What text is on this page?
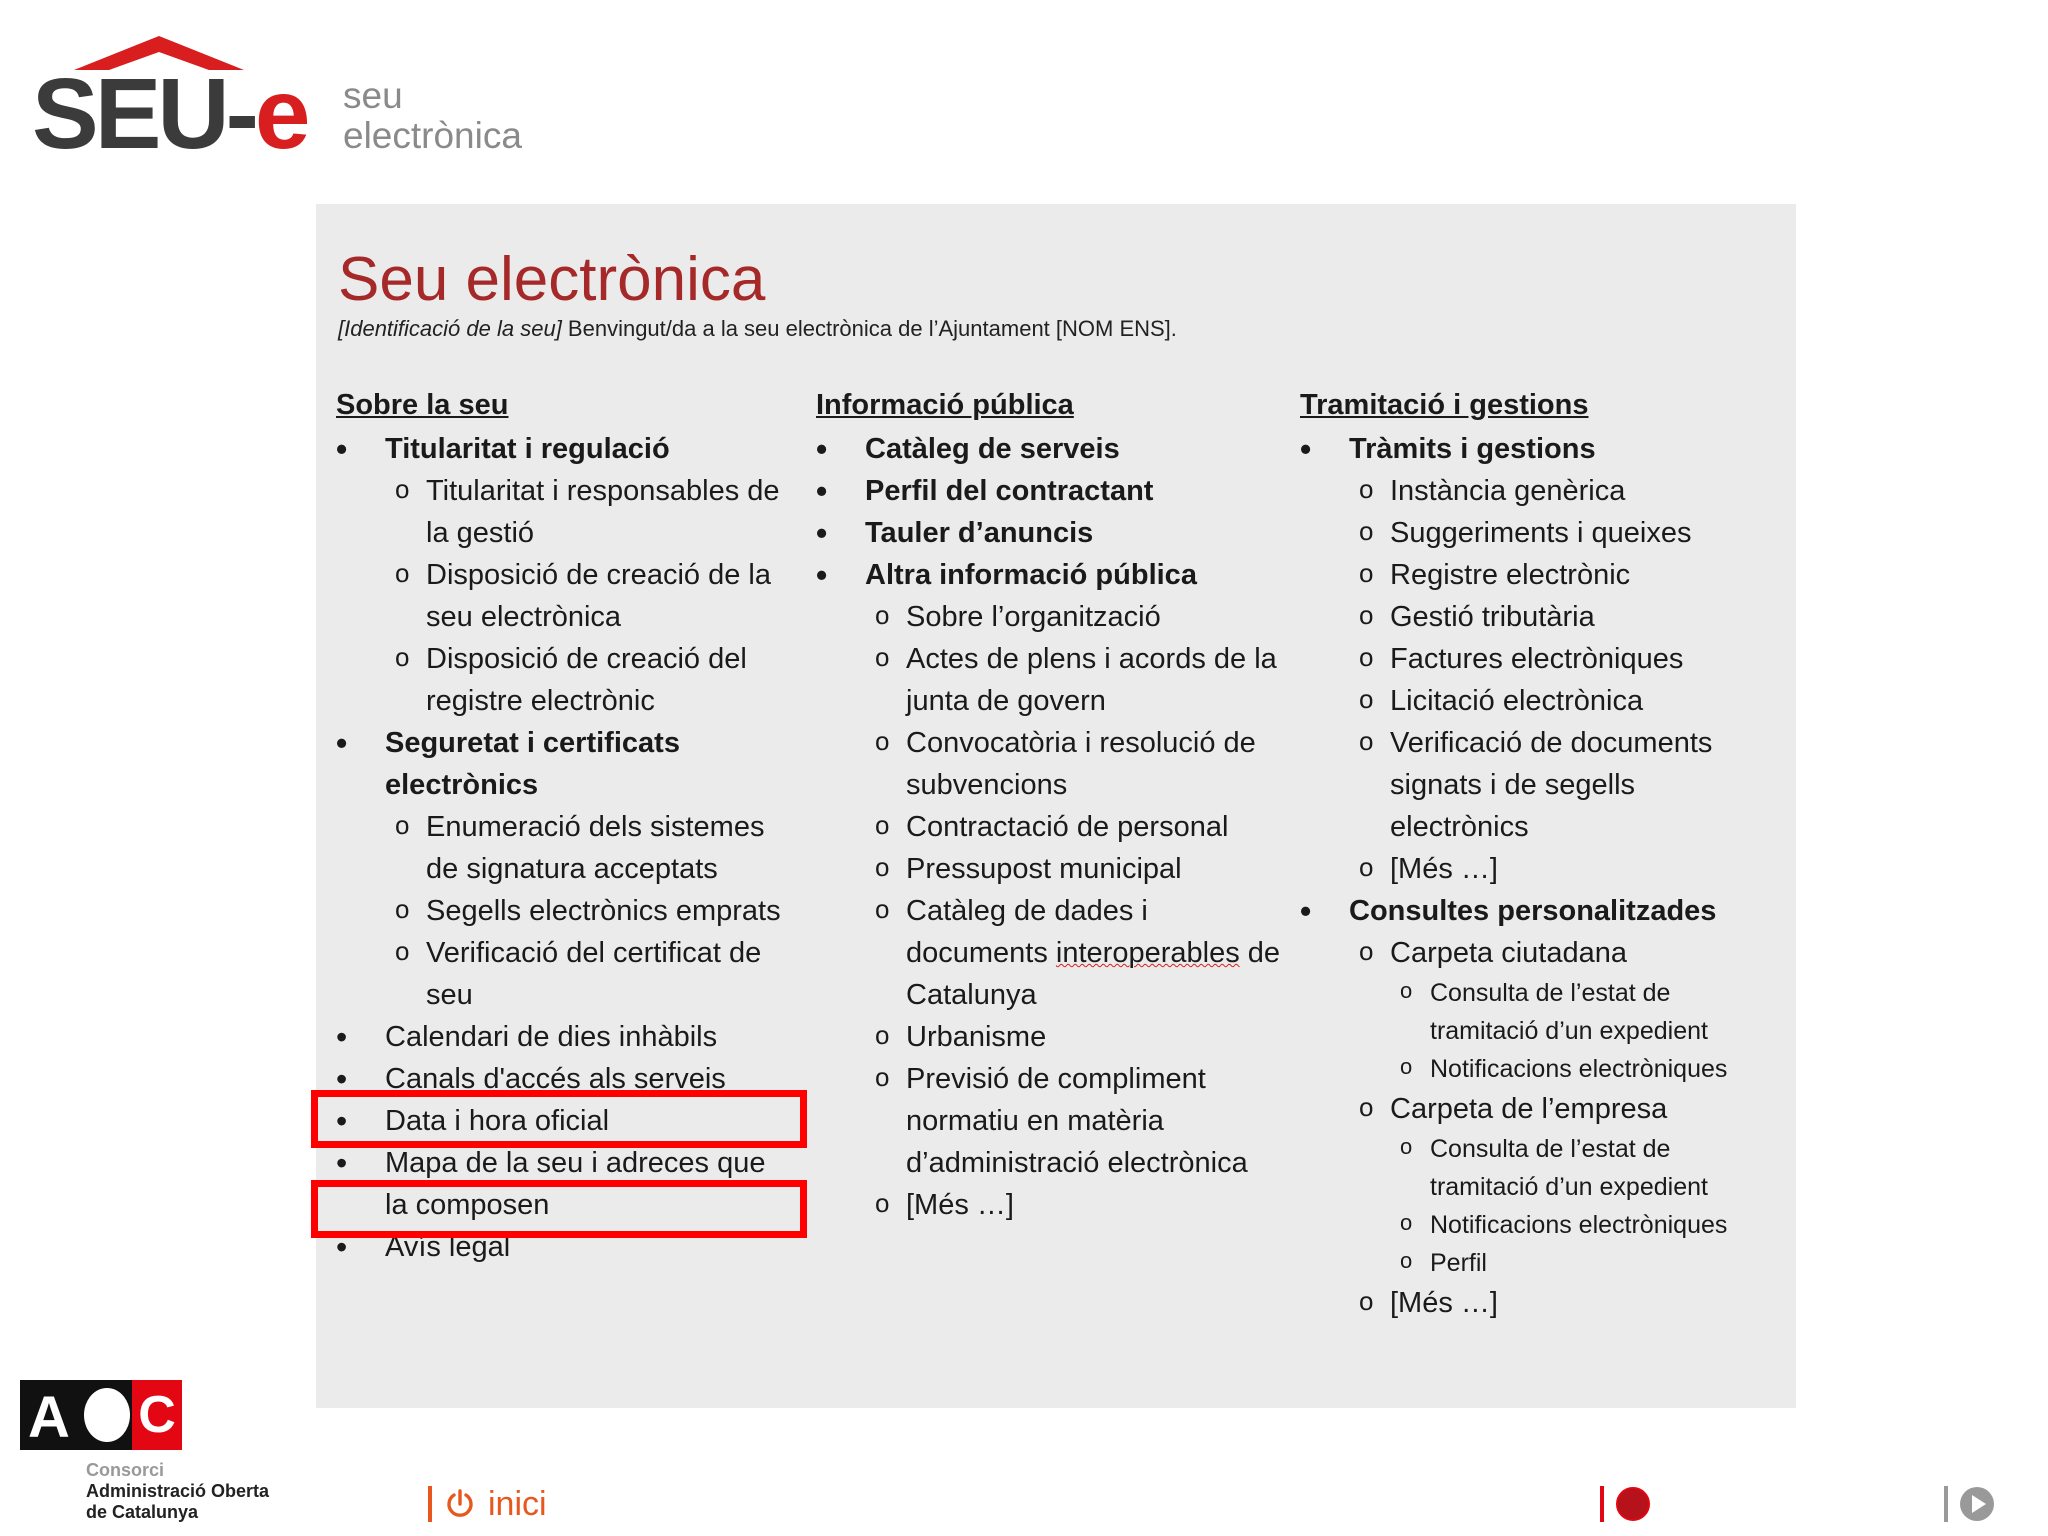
SEU-e seu
electrònica
Seu electrònica
[Identificació de la seu] Benvingut/da a la seu electrònica de l’Ajuntament [NOM ENS].
Sobre la seu
• Titularitat i regulació
o Titularitat i responsables de la gestió
o Disposició de creació de la seu electrònica
o Disposició de creació del registre electrònic
• Seguretat i certificats electrònics
o Enumeració dels sistemes de signatura acceptats
o Segells electrònics emprats
o Verificació del certificat de seu
• Calendari de dies inhàbils
• Canals d'accés als serveis
• Data i hora oficial
• Mapa de la seu i adreces que la composen
• Avís legal
Informació pública
• Catàleg de serveis
• Perfil del contractant
• Tauler d’anuncis
• Altra informació pública
o Sobre l’organització
o Actes de plens i acords de la junta de govern
o Convocatòria i resolució de subvencions
o Contractació de personal
o Pressupost municipal
o Catàleg de dades i documents interoperables de Catalunya
o Urbanisme
o Previsió de compliment normatiu en matèria d’administració electrònica
o [Més …]
Tramitació i gestions
• Tràmits i gestions
o Instància genèrica
o Suggeriments i queixes
o Registre electrònic
o Gestió tributària
o Factures electròniques
o Licitació electrònica
o Verificació de documents signats i de segells electrònics
o [Més …]
• Consultes personalitzades
o Carpeta ciutadana
o Consulta de l’estat de tramitació d’un expedient
o Notificacions electròniques
o Carpeta de l’empresa
o Consulta de l’estat de tramitació d’un expedient
o Notificacions electròniques
o Perfil
o [Més …]
A C
Consorci
Administració Oberta
de Catalunya	inici
